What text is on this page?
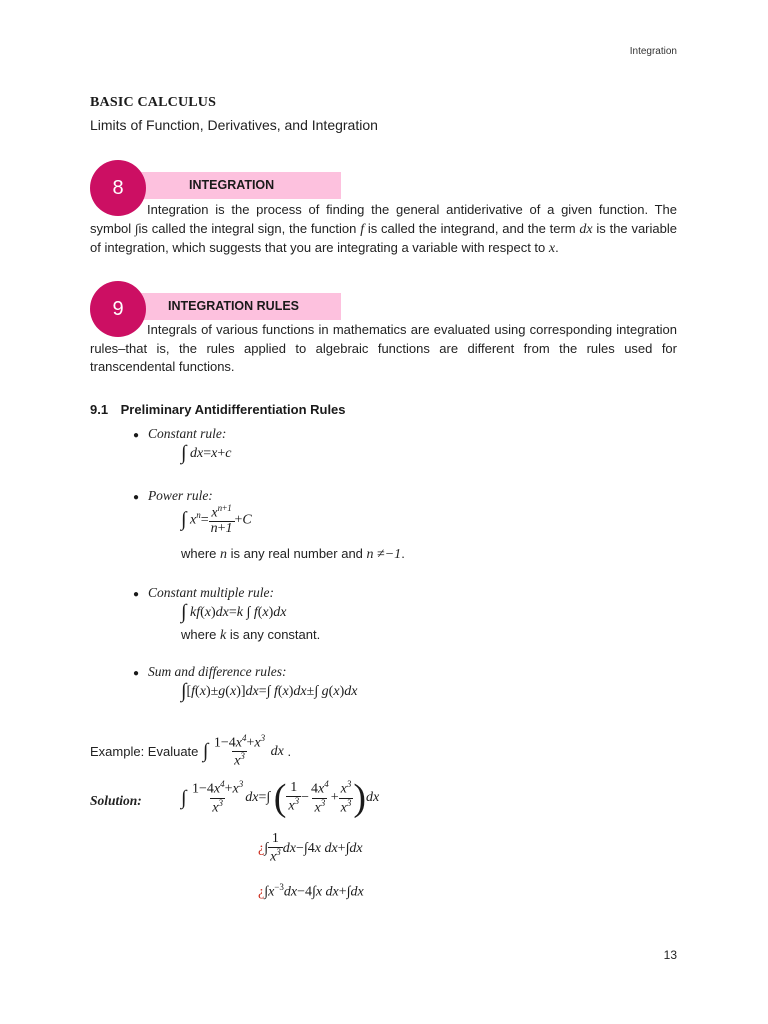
Integration
BASIC CALCULUS
Limits of Function, Derivatives, and Integration
8	INTEGRATION
Integration is the process of finding the general antiderivative of a given function. The symbol ∫is called the integral sign, the function f is called the integrand, and the term dx is the variable of integration, which suggests that you are integrating a variable with respect to x.
9	INTEGRATION RULES
Integrals of various functions in mathematics are evaluated using corresponding integration rules–that is, the rules applied to algebraic functions are different from the rules used for transcendental functions.
9.1 Preliminary Antidifferentiation Rules
● Constant rule:
∫ dx=x+c
● Power rule:
∫ $x^n= \frac{x^{n+1}}{n+1} +C$
where n is any real number and n ≠−1.
● Constant multiple rule:
∫ kf(x)dx=k ∫ f(x)dx
where k is any constant.
● Sum and difference rules:
∫[f(x)±g(x)]dx=∫ f(x)dx±∫ g(x)dx
Example: Evaluate
∫ $\frac{1-4x^4+x^3}{x^3}$ dx .
Solution: ∫
$\frac{1-4x^4+x^3}{x^3}$ dx =∫
( $\frac{1}{x^3} - \frac{4x^4}{x^3} + \frac{x^3}{x^3}$ ) dx
¿ ∫ $\frac{1}{x^3}$ dx −∫4 x dx +∫ dx
¿$\int x^{-3}dx-4\int x$ dx+∫dx
13
